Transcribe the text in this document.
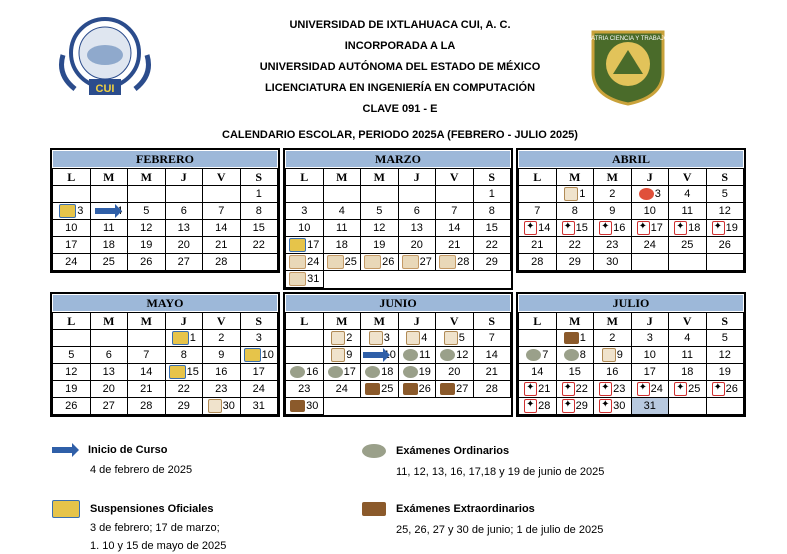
CUI
PATRIA CIENCIA Y TRABAJO
UNIVERSIDAD DE IXTLAHUACA CUI, A. C.
INCORPORADA A LA
UNIVERSIDAD AUTÓNOMA DEL ESTADO DE MÉXICO
LICENCIATURA EN INGENIERÍA EN COMPUTACIÓN
CLAVE 091 - E
CALENDARIO ESCOLAR, PERIODO 2025A (FEBRERO - JULIO 2025)
FEBRERO
L	M	M	J	V	S
					1
3		5	6	7	8
10	11	12	13	14	15
17	18	19	20	21	22
24	25	26	27	28	
MARZO
L	M	M	J	V	S
					1
3	4	5	6	7	8
10	11	12	13	14	15
17	18	19	20	21	22
24	25	26	27	28	29
31					
ABRIL
L	M	M	J	V	S
	1	2	3	4	5
7	8	9	10	11	12
✦14	✦15	✦16	✦17	✦18	✦19
21	22	23	24	25	26
28	29	30			
MAYO
L	M	M	J	V	S
			1	2	3
5	6	7	8	9	10
12	13	14	15	16	17
19	20	21	22	23	24
26	27	28	29	30	31
JUNIO
L	M	M	J	V	S
	2	3	4	5	7
	9	10	11	12	14
16	17	18	19	20	21
23	24	25	26	27	28
30					
JULIO
L	M	M	J	V	S
	1	2	3	4	5
7	8	9	10	11	12
14	15	16	17	18	19
✦21	✦22	✦23	✦24	✦25	✦26
✦28	✦29	✦30	31		
Inicio de Curso
4 de febrero de 2025
Exámenes Ordinarios
11, 12, 13, 16, 17,18 y 19 de junio de 2025
Suspensiones Oficiales
3 de febrero; 17 de marzo;
1. 10 y 15 de mayo de 2025
Exámenes Extraordinarios
25, 26, 27 y 30 de junio; 1 de julio de 2025
